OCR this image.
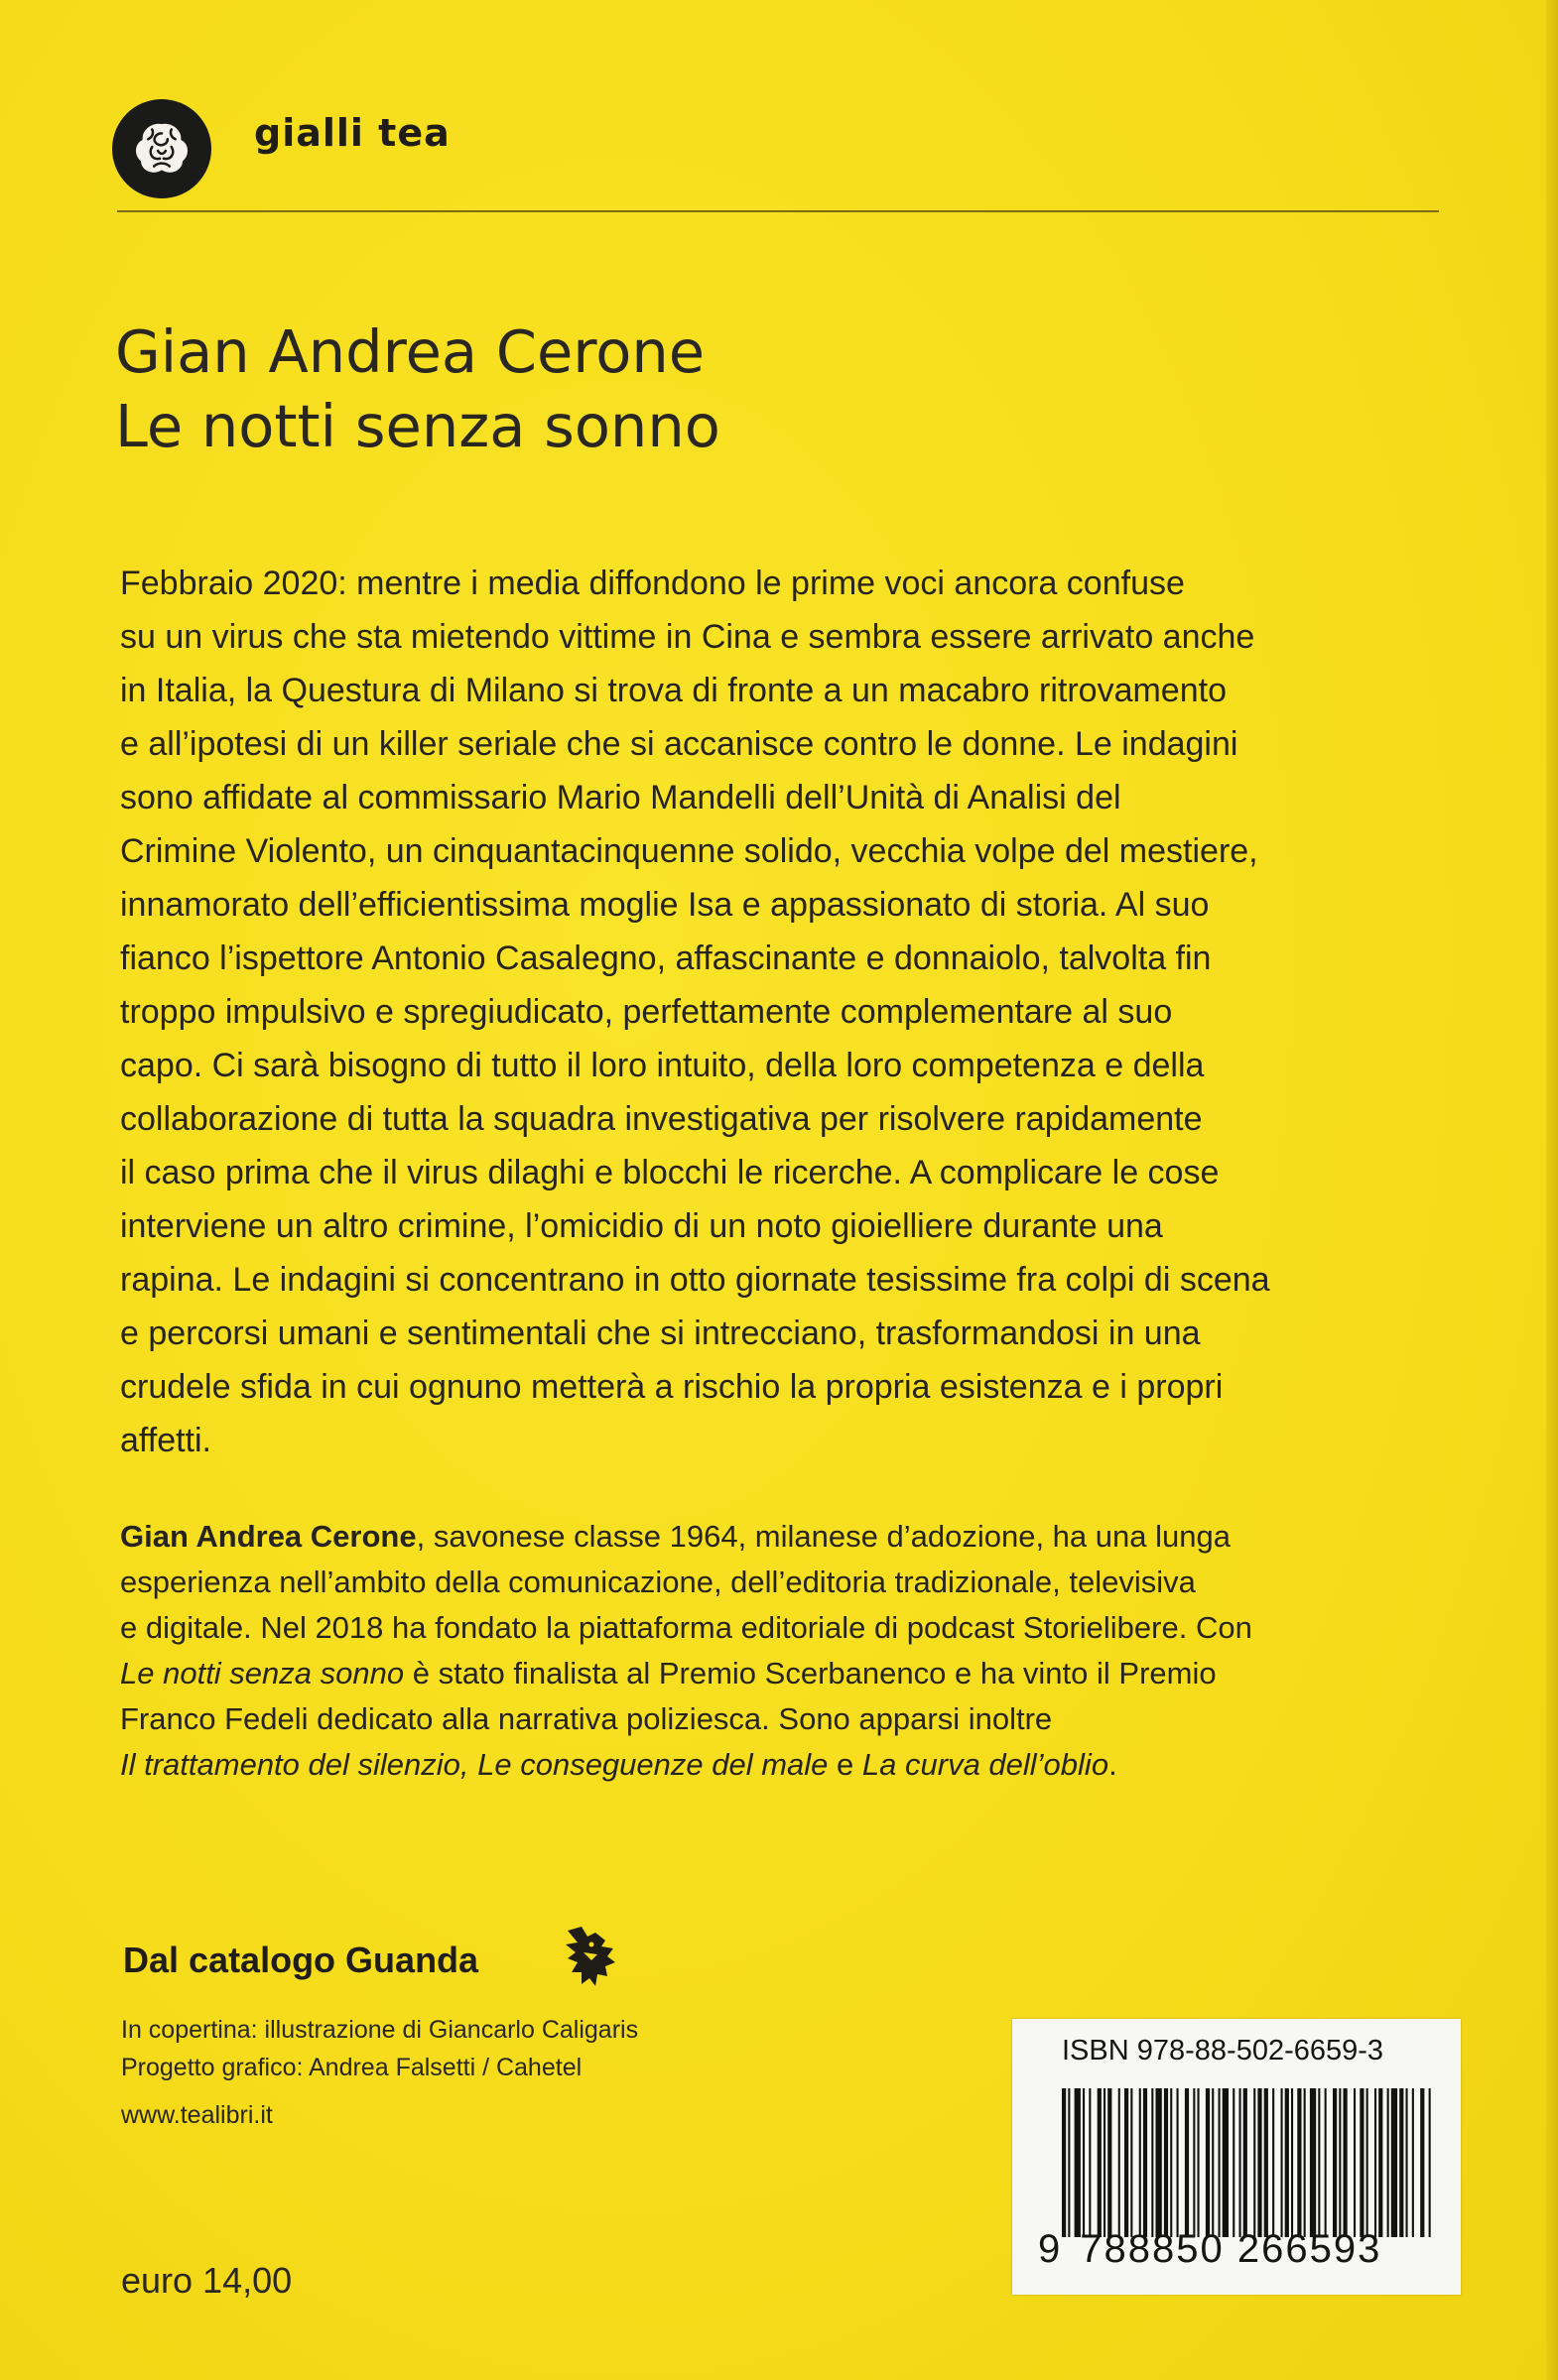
gialli tea
Gian Andrea Cerone
Le notti senza sonno
Febbraio 2020: mentre i media diffondono le prime voci ancora confuse
su un virus che sta mietendo vittime in Cina e sembra essere arrivato anche
in Italia, la Questura di Milano si trova di fronte a un macabro ritrovamento
e all’ipotesi di un killer seriale che si accanisce contro le donne. Le indagini
sono affidate al commissario Mario Mandelli dell’Unità di Analisi del
Crimine Violento, un cinquantacinquenne solido, vecchia volpe del mestiere,
innamorato dell’efficientissima moglie Isa e appassionato di storia. Al suo
fianco l’ispettore Antonio Casalegno, affascinante e donnaiolo, talvolta fin
troppo impulsivo e spregiudicato, perfettamente complementare al suo
capo. Ci sarà bisogno di tutto il loro intuito, della loro competenza e della
collaborazione di tutta la squadra investigativa per risolvere rapidamente
il caso prima che il virus dilaghi e blocchi le ricerche. A complicare le cose
interviene un altro crimine, l’omicidio di un noto gioielliere durante una
rapina. Le indagini si concentrano in otto giornate tesissime fra colpi di scena
e percorsi umani e sentimentali che si intrecciano, trasformandosi in una
crudele sfida in cui ognuno metterà a rischio la propria esistenza e i propri
affetti.
Gian Andrea Cerone, savonese classe 1964, milanese d’adozione, ha una lunga
esperienza nell’ambito della comunicazione, dell’editoria tradizionale, televisiva
e digitale. Nel 2018 ha fondato la piattaforma editoriale di podcast Storielibere. Con
Le notti senza sonno è stato finalista al Premio Scerbanenco e ha vinto il Premio
Franco Fedeli dedicato alla narrativa poliziesca. Sono apparsi inoltre
Il trattamento del silenzio, Le conseguenze del male e La curva dell’oblio.
Dal catalogo Guanda
In copertina: illustrazione di Giancarlo Caligaris
Progetto grafico: Andrea Falsetti / Cahetel
www.tealibri.it
euro 14,00
ISBN 978-88-502-6659-3
9 788850 266593
